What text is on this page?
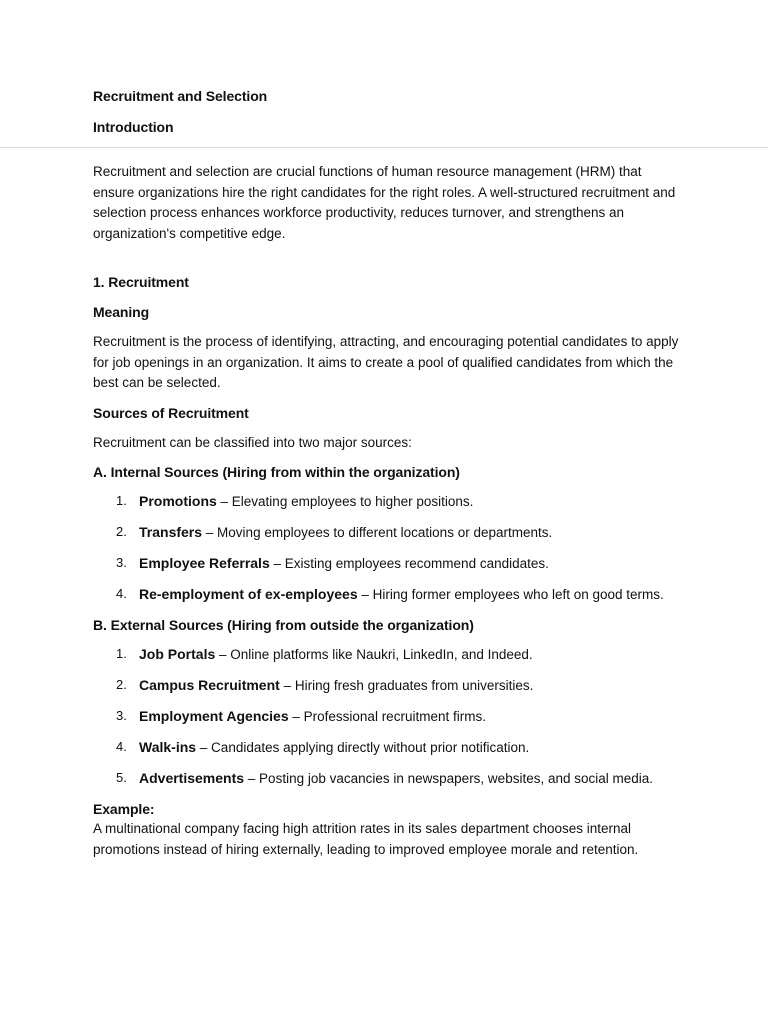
Recruitment and Selection

Introduction

Recruitment and selection are crucial functions of human resource management (HRM) that ensure organizations hire the right candidates for the right roles. A well-structured recruitment and selection process enhances workforce productivity, reduces turnover, and strengthens an organization's competitive edge.

1. Recruitment

Meaning

Recruitment is the process of identifying, attracting, and encouraging potential candidates to apply for job openings in an organization. It aims to create a pool of qualified candidates from which the best can be selected.

Sources of Recruitment

Recruitment can be classified into two major sources:

A. Internal Sources (Hiring from within the organization)

1. Promotions – Elevating employees to higher positions.
2. Transfers – Moving employees to different locations or departments.
3. Employee Referrals – Existing employees recommend candidates.
4. Re-employment of ex-employees – Hiring former employees who left on good terms.

B. External Sources (Hiring from outside the organization)

1. Job Portals – Online platforms like Naukri, LinkedIn, and Indeed.
2. Campus Recruitment – Hiring fresh graduates from universities.
3. Employment Agencies – Professional recruitment firms.
4. Walk-ins – Candidates applying directly without prior notification.
5. Advertisements – Posting job vacancies in newspapers, websites, and social media.

Example:

A multinational company facing high attrition rates in its sales department chooses internal promotions instead of hiring externally, leading to improved employee morale and retention.
